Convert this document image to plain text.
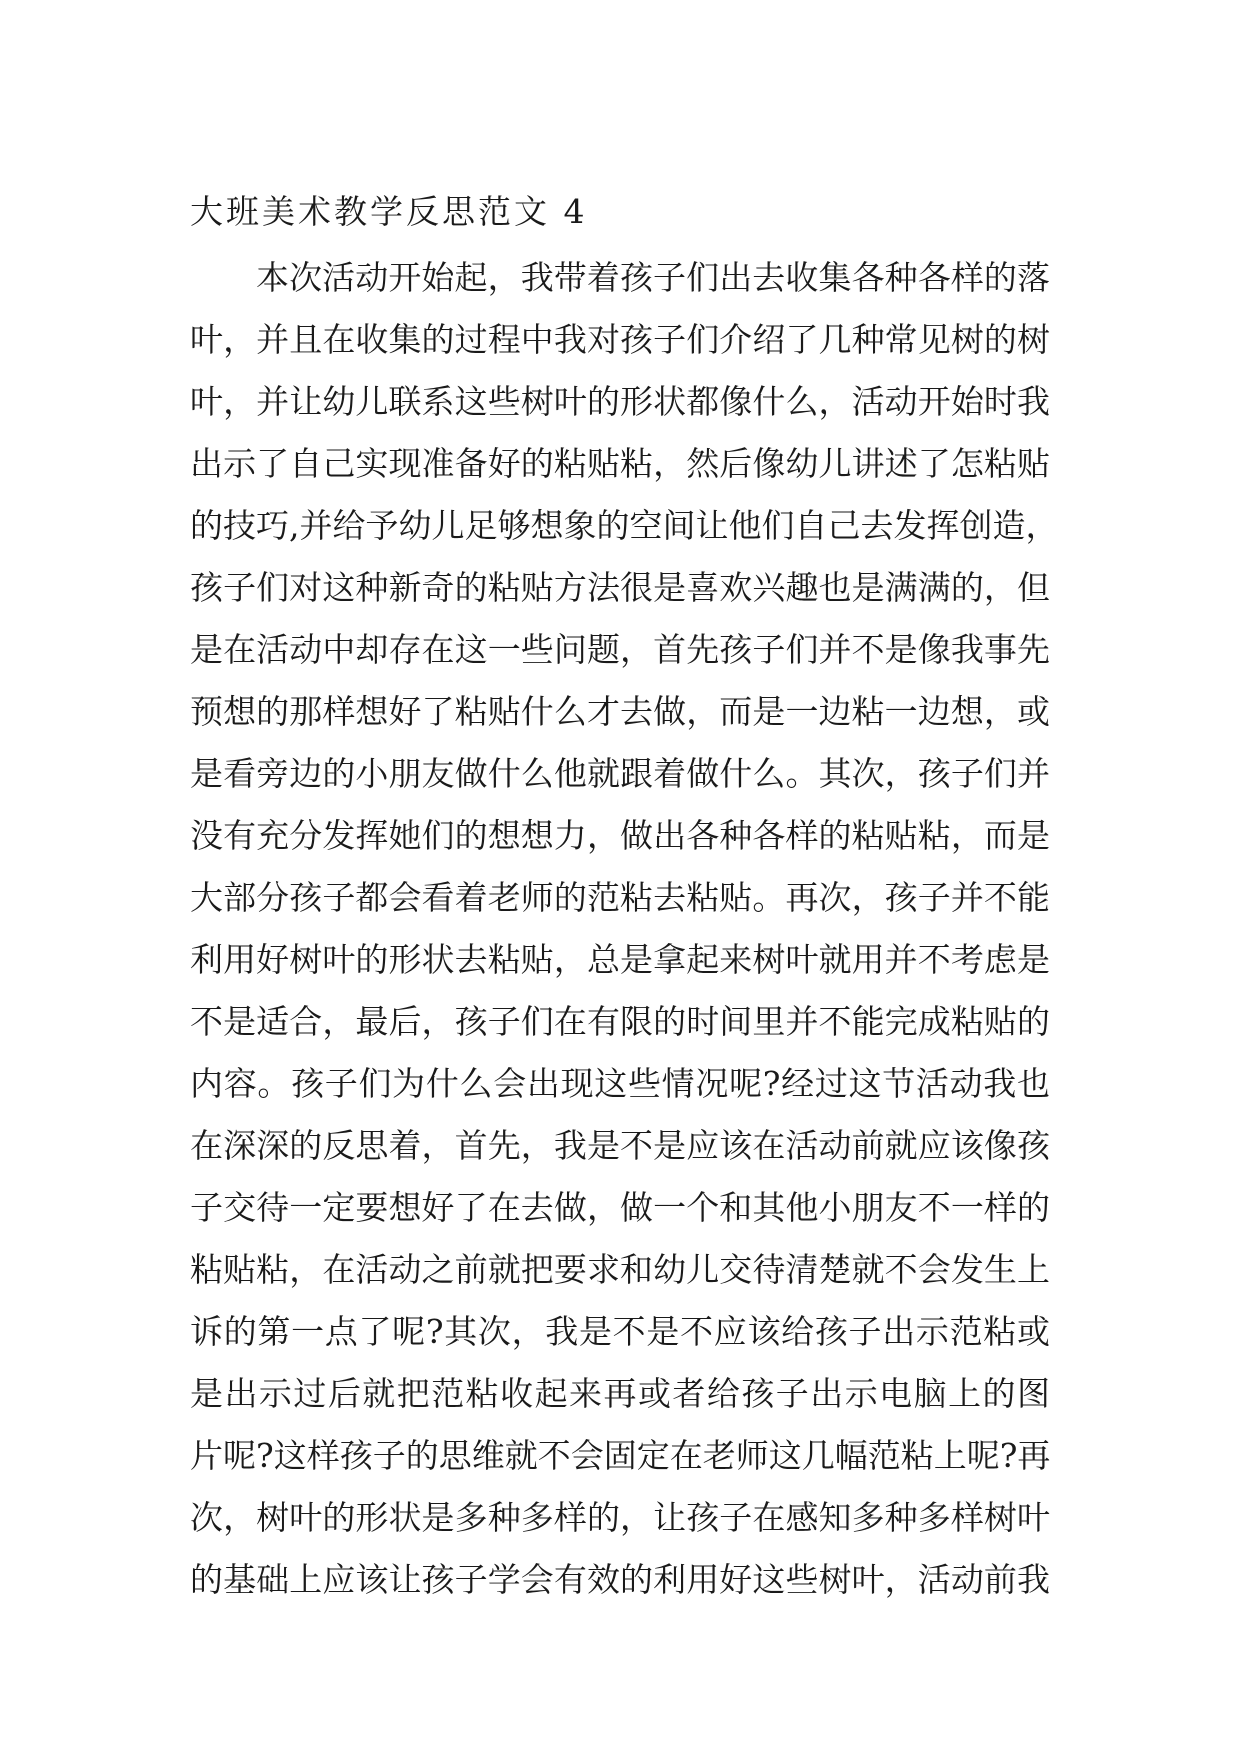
大班美术教学反思范文 4
本次活动开始起，我带着孩子们出去收集各种各样的落
叶，并且在收集的过程中我对孩子们介绍了几种常见树的树
叶，并让幼儿联系这些树叶的形状都像什么，活动开始时我
出示了自己实现准备好的粘贴粘，然后像幼儿讲述了怎粘贴
的技巧,并给予幼儿足够想象的空间让他们自己去发挥创造，
孩子们对这种新奇的粘贴方法很是喜欢兴趣也是满满的，但
是在活动中却存在这一些问题，首先孩子们并不是像我事先
预想的那样想好了粘贴什么才去做，而是一边粘一边想，或
是看旁边的小朋友做什么他就跟着做什么。其次，孩子们并
没有充分发挥她们的想想力，做出各种各样的粘贴粘，而是
大部分孩子都会看着老师的范粘去粘贴。再次，孩子并不能
利用好树叶的形状去粘贴，总是拿起来树叶就用并不考虑是
不是适合，最后，孩子们在有限的时间里并不能完成粘贴的
内容。孩子们为什么会出现这些情况呢?经过这节活动我也
在深深的反思着，首先，我是不是应该在活动前就应该像孩
子交待一定要想好了在去做，做一个和其他小朋友不一样的
粘贴粘，在活动之前就把要求和幼儿交待清楚就不会发生上
诉的第一点了呢?其次，我是不是不应该给孩子出示范粘或
是出示过后就把范粘收起来再或者给孩子出示电脑上的图
片呢?这样孩子的思维就不会固定在老师这几幅范粘上呢?再
次，树叶的形状是多种多样的，让孩子在感知多种多样树叶
的基础上应该让孩子学会有效的利用好这些树叶，活动前我
